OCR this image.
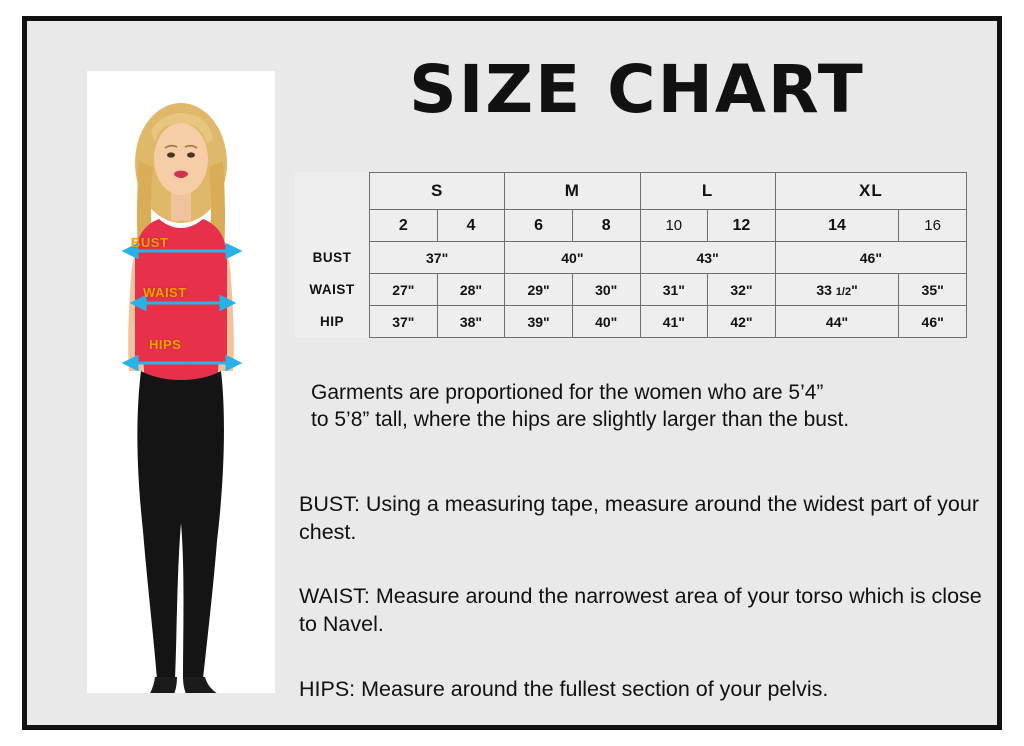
BUST
WAIST
HIPS
SIZE CHART
	S		M		L		XL	
	2	4	6	8	10	12	14	16
BUST	37"		40"		43"		46"	
WAIST	27"	28"	29"	30"	31"	32"	33 1/2"	35"
HIP	37"	38"	39"	40"	41"	42"	44"	46"
Garments are proportioned for the women who are 5’4”
to 5’8” tall, where the hips are slightly larger than the bust.
BUST: Using a measuring tape, measure around the widest part of your chest.
WAIST: Measure around the narrowest area of your torso which is close to Navel.
HIPS: Measure around the fullest section of your pelvis.
